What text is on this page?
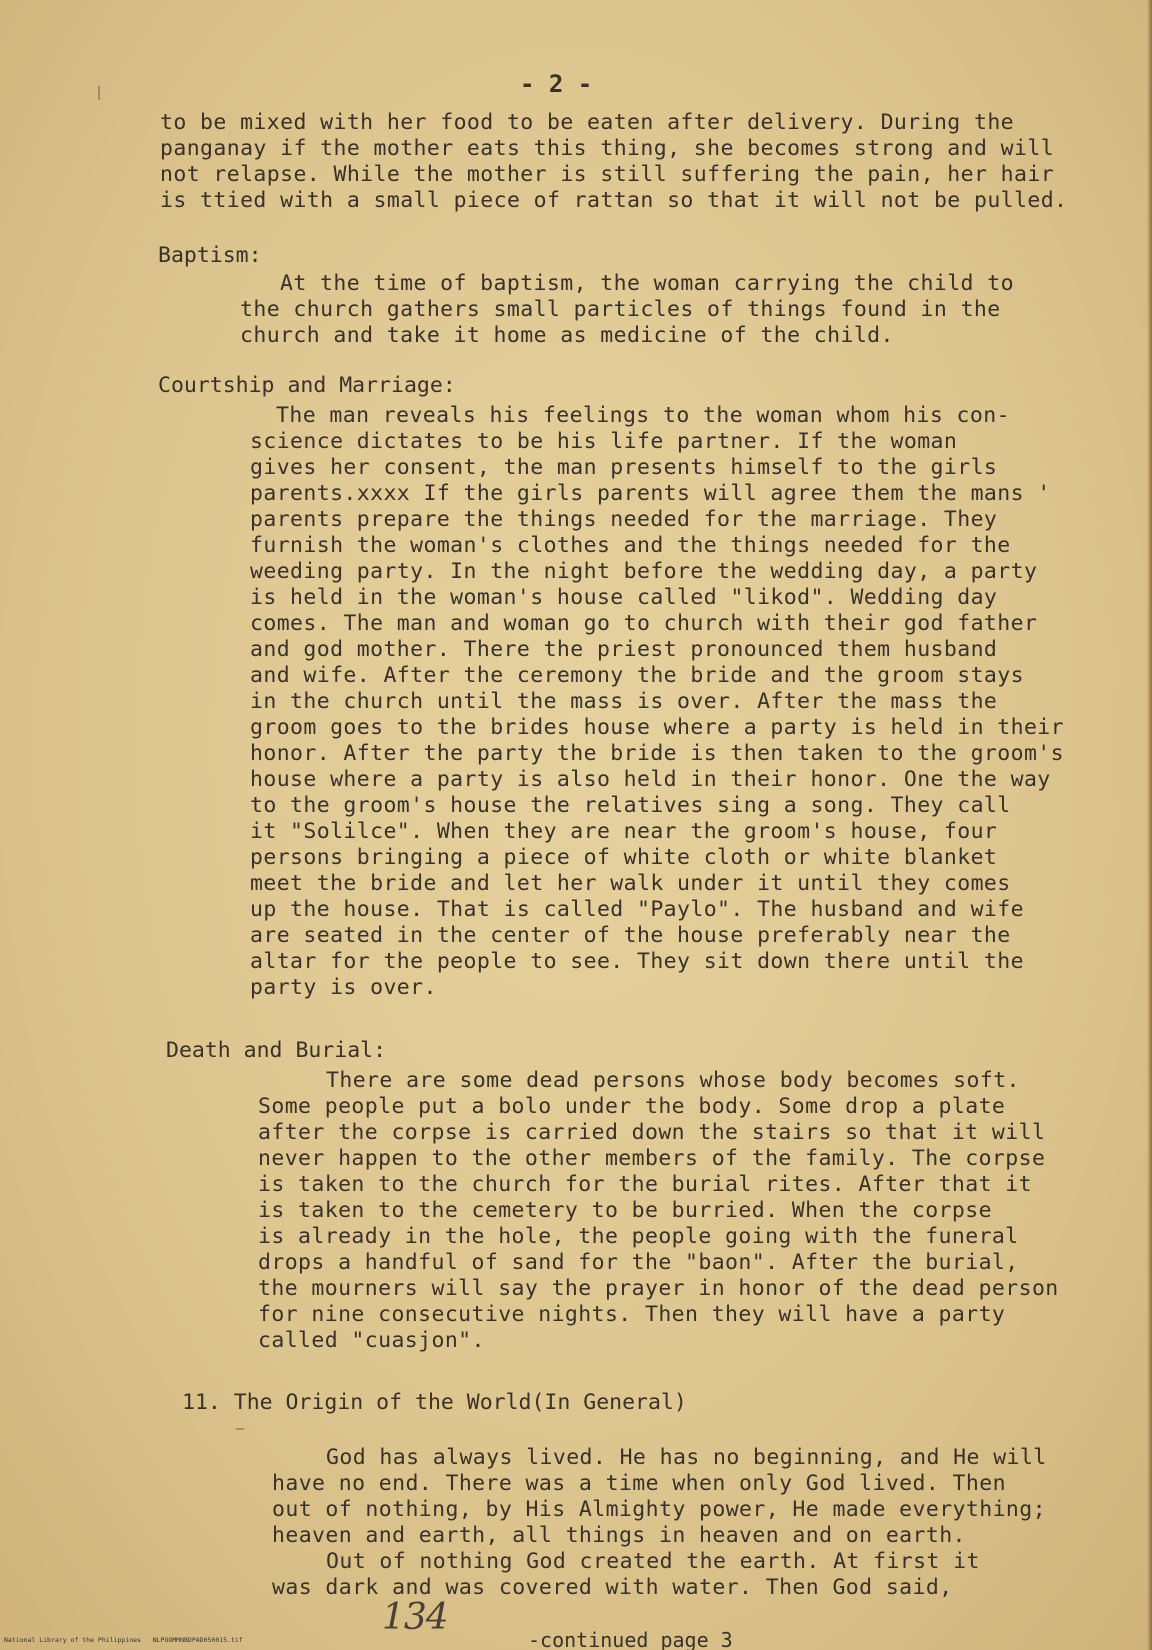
- 2 -
to be mixed with her food to be eaten after delivery. During the
panganay if the mother eats this thing, she becomes strong and will
not relapse. While the mother is still suffering the pain, her hair
is ttied with a small piece of rattan so that it will not be pulled.
Baptism:
At the time of baptism, the woman carrying the child to
the church gathers small particles of things found in the
church and take it home as medicine of the child.
Courtship and Marriage:
The man reveals his feelings to the woman whom his con-
science dictates to be his life partner. If the woman
gives her consent, the man presents himself to the girls
parents.xxxx If the girls parents will agree them the mans '
parents prepare the things needed for the marriage. They
furnish the woman's clothes and the things needed for the
weeding party. In the night before the wedding day, a party
is held in the woman's house called "likod". Wedding day
comes. The man and woman go to church with their god father
and god mother. There the priest pronounced them husband
and wife. After the ceremony the bride and the groom stays
in the church until the mass is over. After the mass the
groom goes to the brides house where a party is held in their
honor. After the party the bride is then taken to the groom's
house where a party is also held in their honor. One the way
to the groom's house the relatives sing a song. They call
it "Solilce". When they are near the groom's house, four
persons bringing a piece of white cloth or white blanket
meet the bride and let her walk under it until they comes
up the house. That is called "Paylo". The husband and wife
are seated in the center of the house preferably near the
altar for the people to see. They sit down there until the
party is over.
Death and Burial:
There are some dead persons whose body becomes soft.
Some people put a bolo under the body. Some drop a plate
after the corpse is carried down the stairs so that it will
never happen to the other members of the family. The corpse
is taken to the church for the burial rites. After that it
is taken to the cemetery to be burried. When the corpse
is already in the hole, the people going with the funeral
drops a handful of sand for the "baon". After the burial,
the mourners will say the prayer in honor of the dead person
for nine consecutive nights. Then they will have a party
called "cuasjon".
11. The Origin of the World(In General)
God has always lived. He has no beginning, and He will
have no end. There was a time when only God lived. Then
out of nothing, by His Almighty power, He made everything;
heaven and earth, all things in heaven and on earth.
Out of nothing God created the earth. At first it
was dark and was covered with water. Then God said,
134
-continued page 3
National Library of the Philippines   NLPOOMMNBDPAD050015.tif
